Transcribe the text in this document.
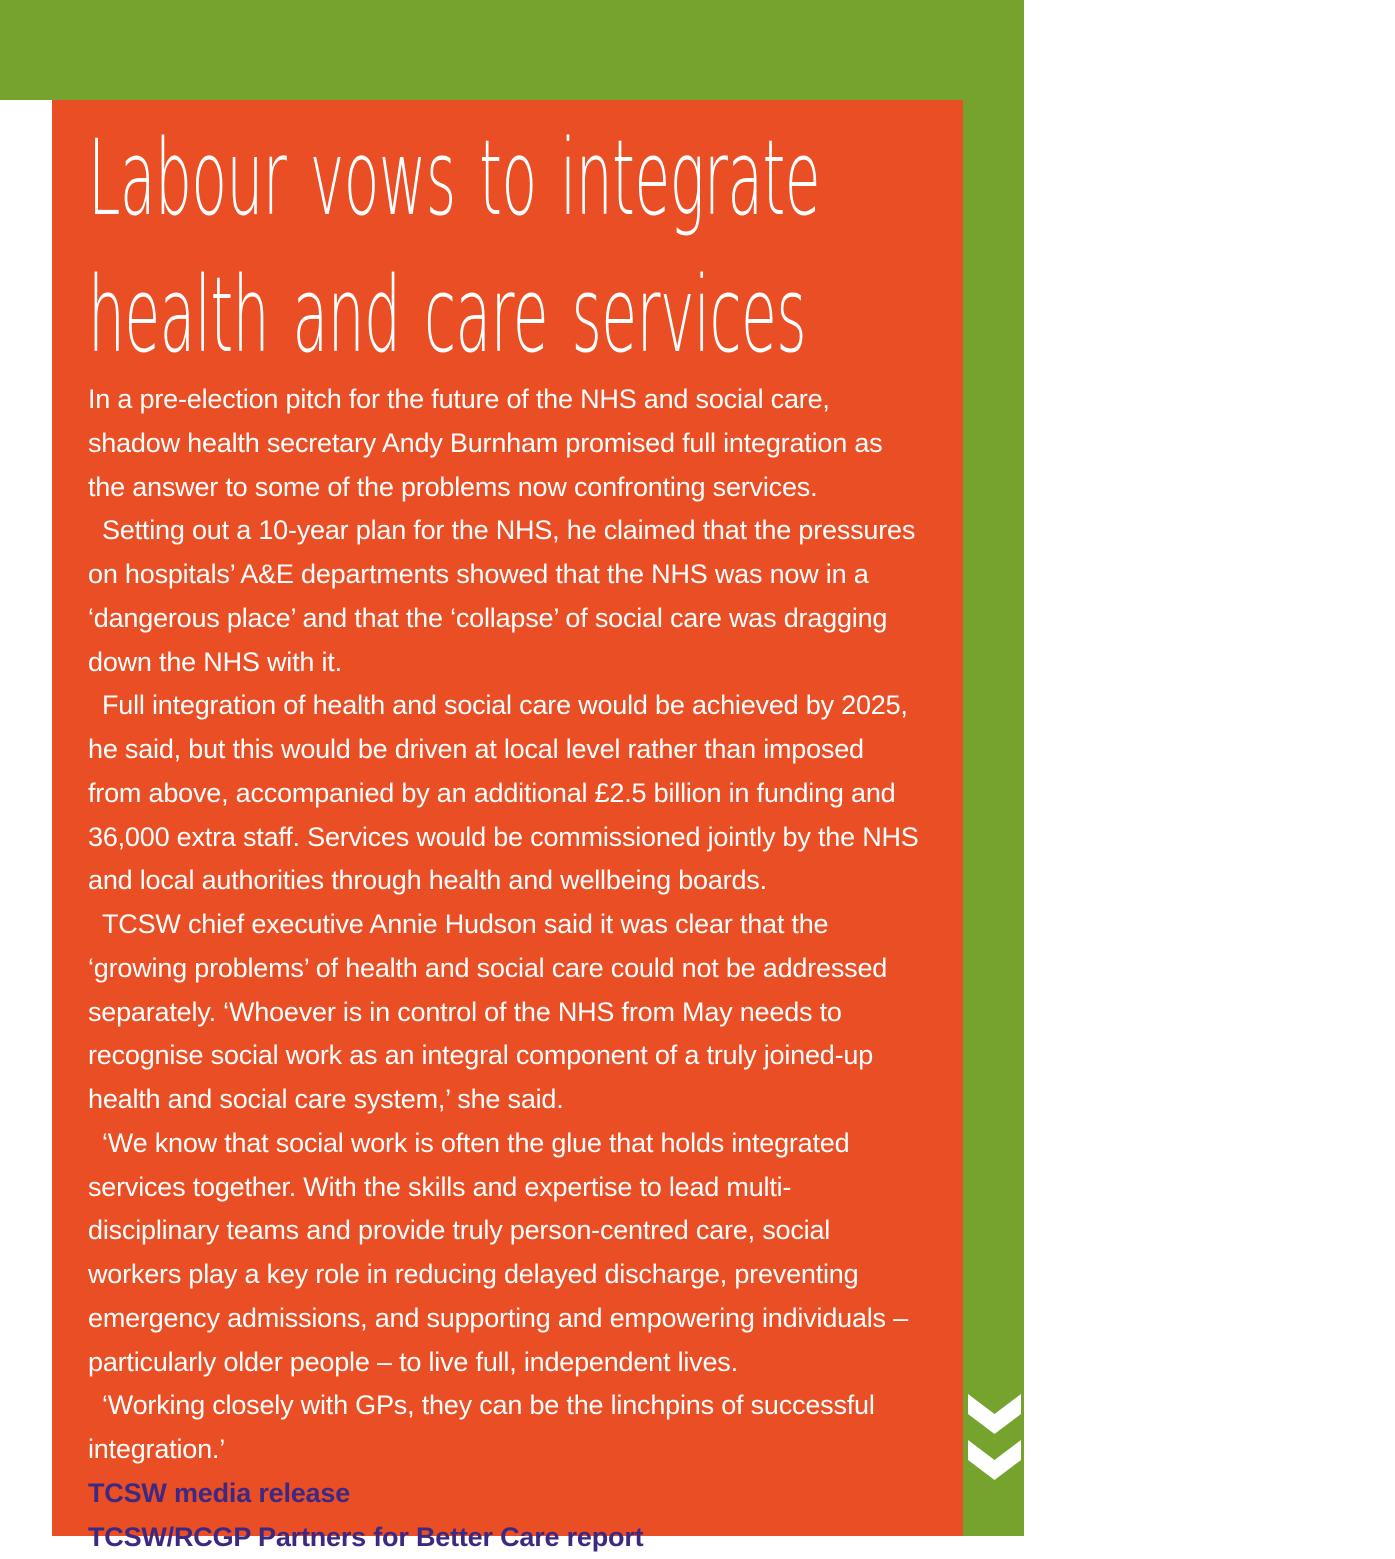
Labour vows to integrate
health and care services
In a pre-election pitch for the future of the NHS and social care,
shadow health secretary Andy Burnham promised full integration as
the answer to some of the problems now confronting services.
Setting out a 10-year plan for the NHS, he claimed that the pressures
on hospitals’ A&E departments showed that the NHS was now in a
‘dangerous place’ and that the ‘collapse’ of social care was dragging
down the NHS with it.
Full integration of health and social care would be achieved by 2025,
he said, but this would be driven at local level rather than imposed
from above, accompanied by an additional £2.5 billion in funding and
36,000 extra staff. Services would be commissioned jointly by the NHS
and local authorities through health and wellbeing boards.
TCSW chief executive Annie Hudson said it was clear that the
‘growing problems’ of health and social care could not be addressed
separately. ‘Whoever is in control of the NHS from May needs to
recognise social work as an integral component of a truly joined-up
health and social care system,’ she said.
‘We know that social work is often the glue that holds integrated
services together. With the skills and expertise to lead multi-
disciplinary teams and provide truly person-centred care, social
workers play a key role in reducing delayed discharge, preventing
emergency admissions, and supporting and empowering individuals –
particularly older people – to live full, independent lives.
‘Working closely with GPs, they can be the linchpins of successful
integration.’
TCSW media release
TCSW/RCGP Partners for Better Care report
